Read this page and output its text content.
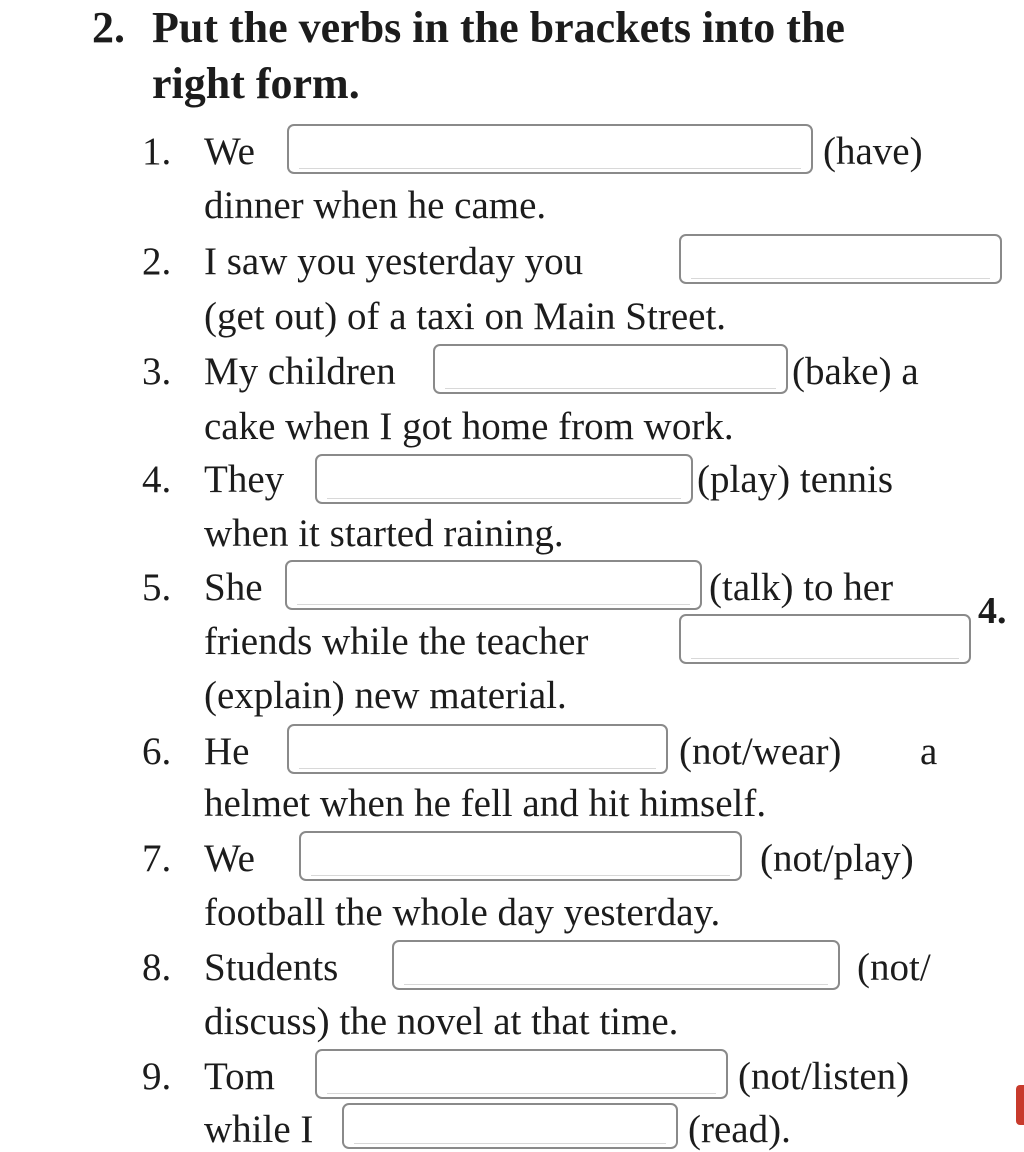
2. Put the verbs in the brackets into the
right form.
1. We	(have)
dinner when he came.
2. I saw you yesterday you
(get out) of a taxi on Main Street.
3. My children	(bake) a
cake when I got home from work.
4. They	(play) tennis
when it started raining.
5. She	(talk) to her
friends while the teacher
(explain) new material.
6. He	(not/wear) a
helmet when he fell and hit himself.
7. We	(not/play)
football the whole day yesterday.
8. Students	(not/
discuss) the novel at that time.
9. Tom	(not/listen)
while I	(read).
4.
